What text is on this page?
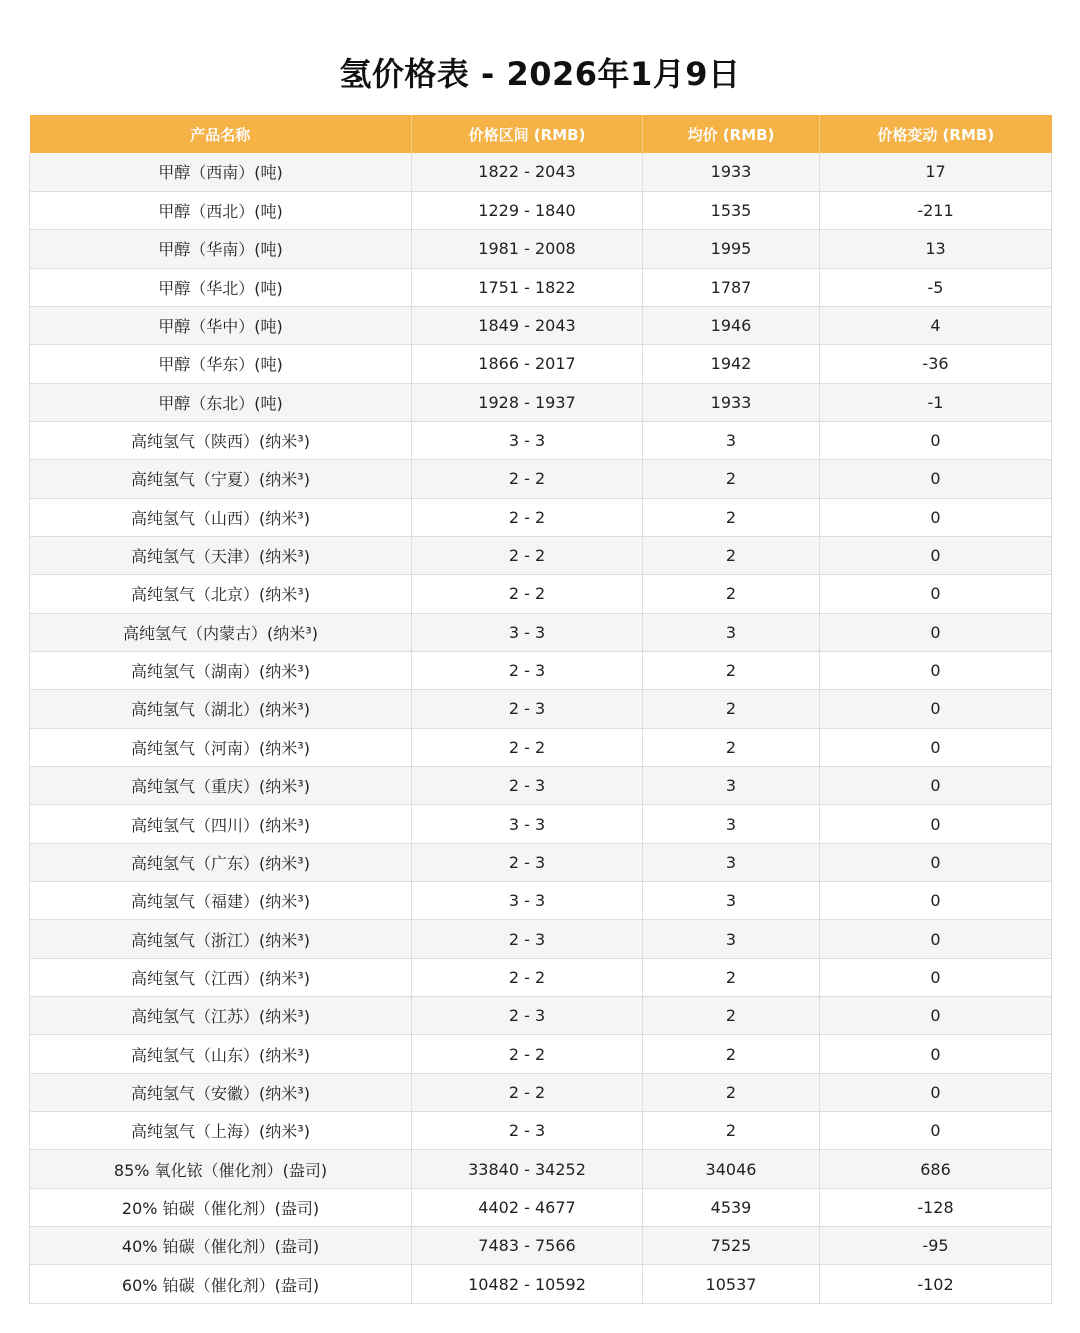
氢价格表 - 2026年1月9日
产品名称	价格区间 (RMB)	均价 (RMB)	价格变动 (RMB)
甲醇（西南）(吨)	1822 - 2043	1933	17
甲醇（西北）(吨)	1229 - 1840	1535	-211
甲醇（华南）(吨)	1981 - 2008	1995	13
甲醇（华北）(吨)	1751 - 1822	1787	-5
甲醇（华中）(吨)	1849 - 2043	1946	4
甲醇（华东）(吨)	1866 - 2017	1942	-36
甲醇（东北）(吨)	1928 - 1937	1933	-1
高纯氢气（陕西）(纳米³)	3 - 3	3	0
高纯氢气（宁夏）(纳米³)	2 - 2	2	0
高纯氢气（山西）(纳米³)	2 - 2	2	0
高纯氢气（天津）(纳米³)	2 - 2	2	0
高纯氢气（北京）(纳米³)	2 - 2	2	0
高纯氢气（内蒙古）(纳米³)	3 - 3	3	0
高纯氢气（湖南）(纳米³)	2 - 3	2	0
高纯氢气（湖北）(纳米³)	2 - 3	2	0
高纯氢气（河南）(纳米³)	2 - 2	2	0
高纯氢气（重庆）(纳米³)	2 - 3	3	0
高纯氢气（四川）(纳米³)	3 - 3	3	0
高纯氢气（广东）(纳米³)	2 - 3	3	0
高纯氢气（福建）(纳米³)	3 - 3	3	0
高纯氢气（浙江）(纳米³)	2 - 3	3	0
高纯氢气（江西）(纳米³)	2 - 2	2	0
高纯氢气（江苏）(纳米³)	2 - 3	2	0
高纯氢气（山东）(纳米³)	2 - 2	2	0
高纯氢气（安徽）(纳米³)	2 - 2	2	0
高纯氢气（上海）(纳米³)	2 - 3	2	0
85% 氧化铱（催化剂）(盎司)	33840 - 34252	34046	686
20% 铂碳（催化剂）(盎司)	4402 - 4677	4539	-128
40% 铂碳（催化剂）(盎司)	7483 - 7566	7525	-95
60% 铂碳（催化剂）(盎司)	10482 - 10592	10537	-102
